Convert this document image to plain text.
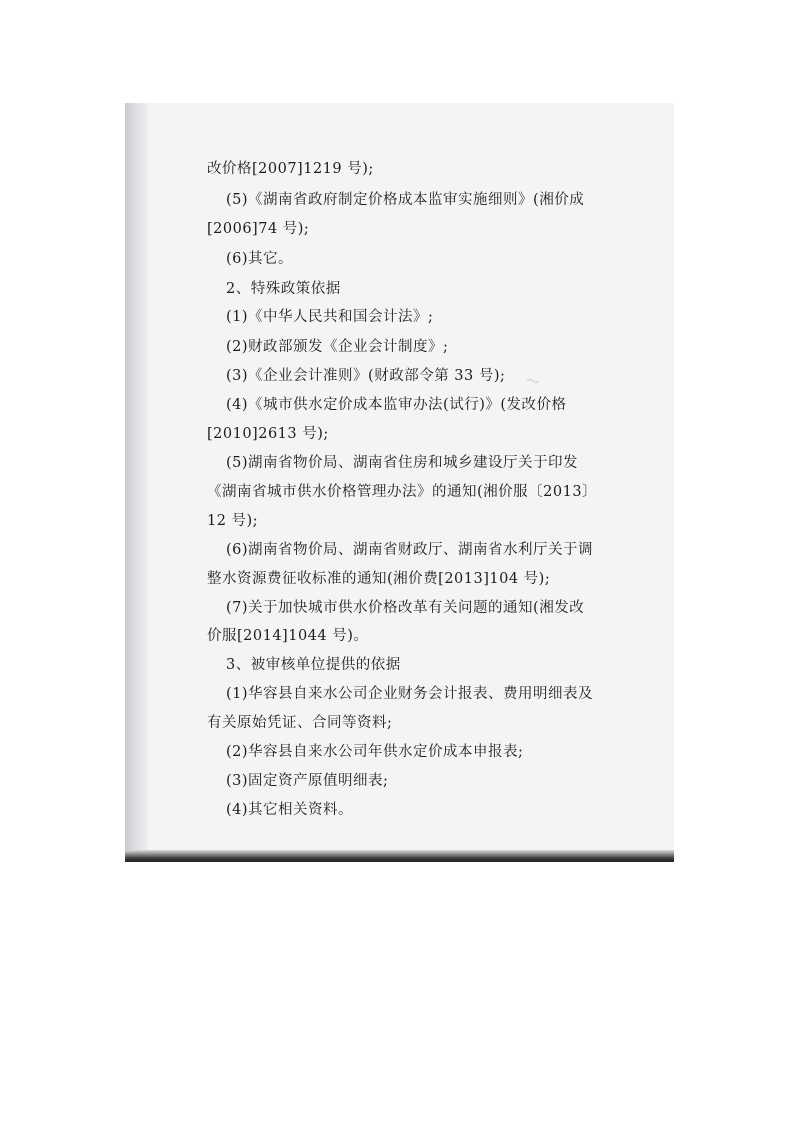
改价格[2007]1219 号);
(5)《湖南省政府制定价格成本监审实施细则》(湘价成
[2006]74 号);
(6)其它。
2、特殊政策依据
(1)《中华人民共和国会计法》;
(2)财政部颁发《企业会计制度》;
(3)《企业会计准则》(财政部令第 33 号);
(4)《城市供水定价成本监审办法(试行)》(发改价格
[2010]2613 号);
(5)湖南省物价局、湖南省住房和城乡建设厅关于印发
《湖南省城市供水价格管理办法》的通知(湘价服〔2013〕
12 号);
(6)湖南省物价局、湖南省财政厅、湖南省水利厅关于调
整水资源费征收标准的通知(湘价费[2013]104 号);
(7)关于加快城市供水价格改革有关问题的通知(湘发改
价服[2014]1044 号)。
3、被审核单位提供的依据
(1)华容县自来水公司企业财务会计报表、费用明细表及
有关原始凭证、合同等资料;
(2)华容县自来水公司年供水定价成本申报表;
(3)固定资产原值明细表;
(4)其它相关资料。
